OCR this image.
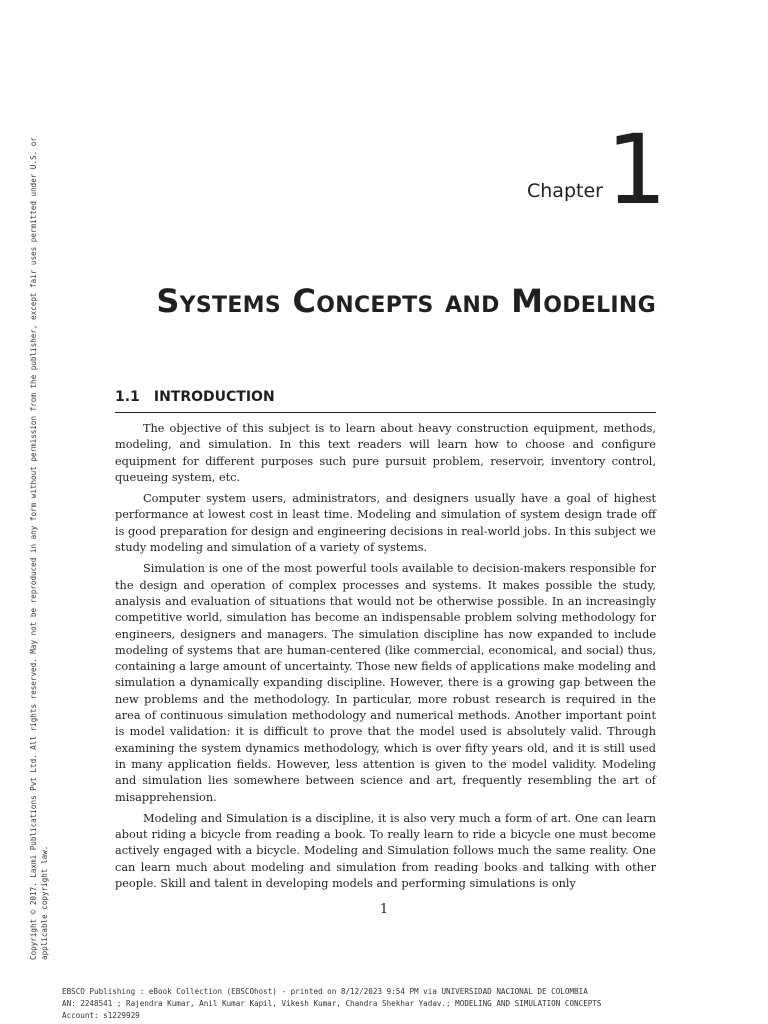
Copyright © 2017. Laxmi Publications Pvt Ltd. All rights reserved. May not be reproduced in any form without permission from the publisher, except fair uses permitted under U.S. or applicable copyright law.
Chapter 1
Systems Concepts and Modeling
1.1 INTRODUCTION

The objective of this subject is to learn about heavy construction equipment, methods, modeling, and simulation. In this text readers will learn how to choose and configure equipment for different purposes such pure pursuit problem, reservoir, inventory control, queueing system, etc.

Computer system users, administrators, and designers usually have a goal of highest performance at lowest cost in least time. Modeling and simulation of system design trade off is good preparation for design and engineering decisions in real-world jobs. In this subject we study modeling and simulation of a variety of systems.

Simulation is one of the most powerful tools available to decision-makers responsible for the design and operation of complex processes and systems. It makes possible the study, analysis and evaluation of situations that would not be otherwise possible. In an increasingly competitive world, simulation has become an indispensable problem solving methodology for engineers, designers and managers. The simulation discipline has now expanded to include modeling of systems that are human-centered (like commercial, economical, and social) thus, containing a large amount of uncertainty. Those new fields of applications make modeling and simulation a dynamically expanding discipline. However, there is a growing gap between the new problems and the methodology. In particular, more robust research is required in the area of continuous simulation methodology and numerical methods. Another important point is model validation: it is difficult to prove that the model used is absolutely valid. Through examining the system dynamics methodology, which is over fifty years old, and it is still used in many application fields. However, less attention is given to the model validity. Modeling and simulation lies somewhere between science and art, frequently resembling the art of misapprehension.

Modeling and Simulation is a discipline, it is also very much a form of art. One can learn about riding a bicycle from reading a book. To really learn to ride a bicycle one must become actively engaged with a bicycle. Modeling and Simulation follows much the same reality. One can learn much about modeling and simulation from reading books and talking with other people. Skill and talent in developing models and performing simulations is only

1
EBSCO Publishing : eBook Collection (EBSCOhost) - printed on 8/12/2023 9:54 PM via UNIVERSIDAD NACIONAL DE COLOMBIA
AN: 2248541 ; Rajendra Kumar, Anil Kumar Kapil, Vikesh Kumar, Chandra Shekhar Yadav.; MODELING AND SIMULATION CONCEPTS
Account: s1229929
